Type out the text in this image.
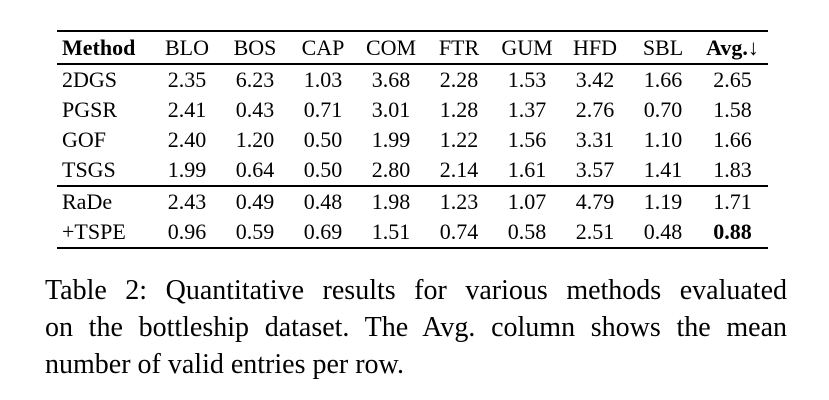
Method	BLO	BOS	CAP	COM	FTR	GUM	HFD	SBL	Avg.↓
2DGS	2.35	6.23	1.03	3.68	2.28	1.53	3.42	1.66	2.65
PGSR	2.41	0.43	0.71	3.01	1.28	1.37	2.76	0.70	1.58
GOF	2.40	1.20	0.50	1.99	1.22	1.56	3.31	1.10	1.66
TSGS	1.99	0.64	0.50	2.80	2.14	1.61	3.57	1.41	1.83
RaDe	2.43	0.49	0.48	1.98	1.23	1.07	4.79	1.19	1.71
+TSPE	0.96	0.59	0.69	1.51	0.74	0.58	2.51	0.48	0.88
Table 2: Quantitative results for various methods evaluated
on the bottleship dataset. The Avg. column shows the mean
number of valid entries per row.
